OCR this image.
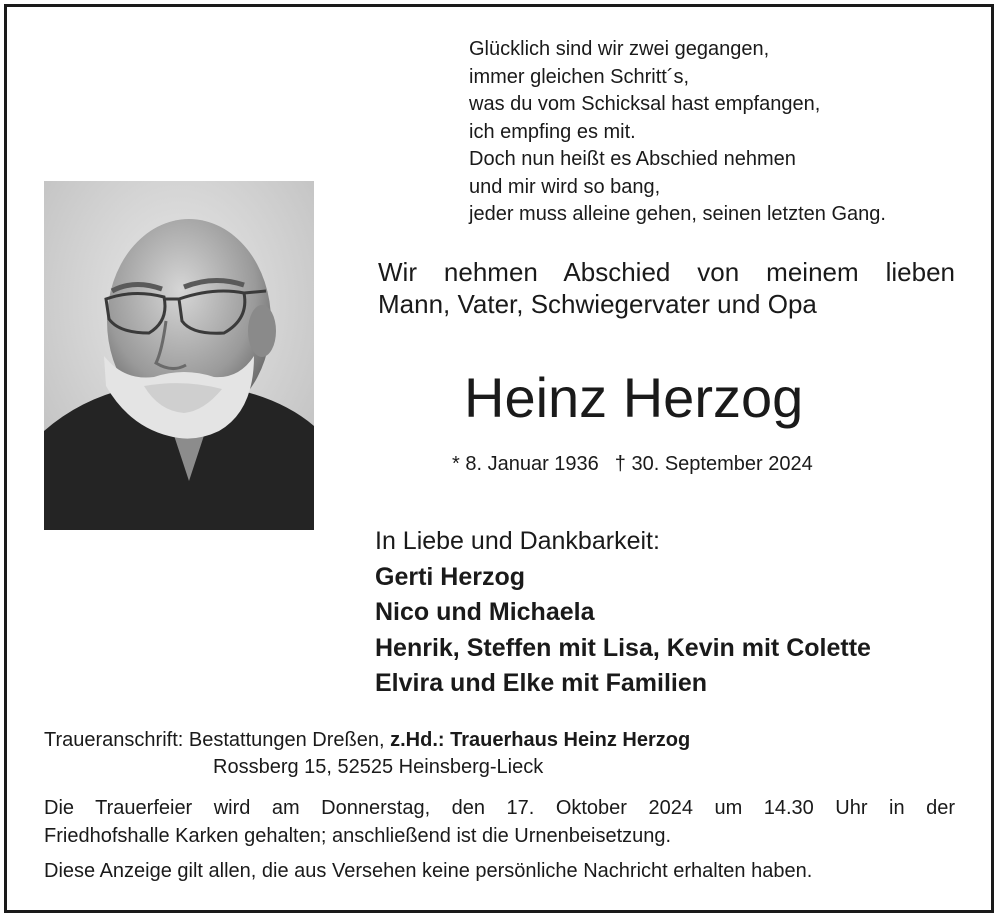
Glücklich sind wir zwei gegangen,
immer gleichen Schritt´s,
was du vom Schicksal hast empfangen,
ich empfing es mit.
Doch nun heißt es Abschied nehmen
und mir wird so bang,
jeder muss alleine gehen, seinen letzten Gang.
Wir nehmen Abschied von meinem lieben
Mann, Vater, Schwiegervater und Opa
Heinz Herzog
* 8. Januar 1936 † 30. September 2024
In Liebe und Dankbarkeit:
Gerti Herzog
Nico und Michaela
Henrik, Steffen mit Lisa, Kevin mit Colette
Elvira und Elke mit Familien
Traueranschrift: Bestattungen Dreßen, z.Hd.: Trauerhaus Heinz Herzog
Rossberg 15, 52525 Heinsberg-Lieck
Die Trauerfeier wird am Donnerstag, den 17. Oktober 2024 um 14.30 Uhr in der
Friedhofshalle Karken gehalten; anschließend ist die Urnenbeisetzung.
Diese Anzeige gilt allen, die aus Versehen keine persönliche Nachricht erhalten haben.
